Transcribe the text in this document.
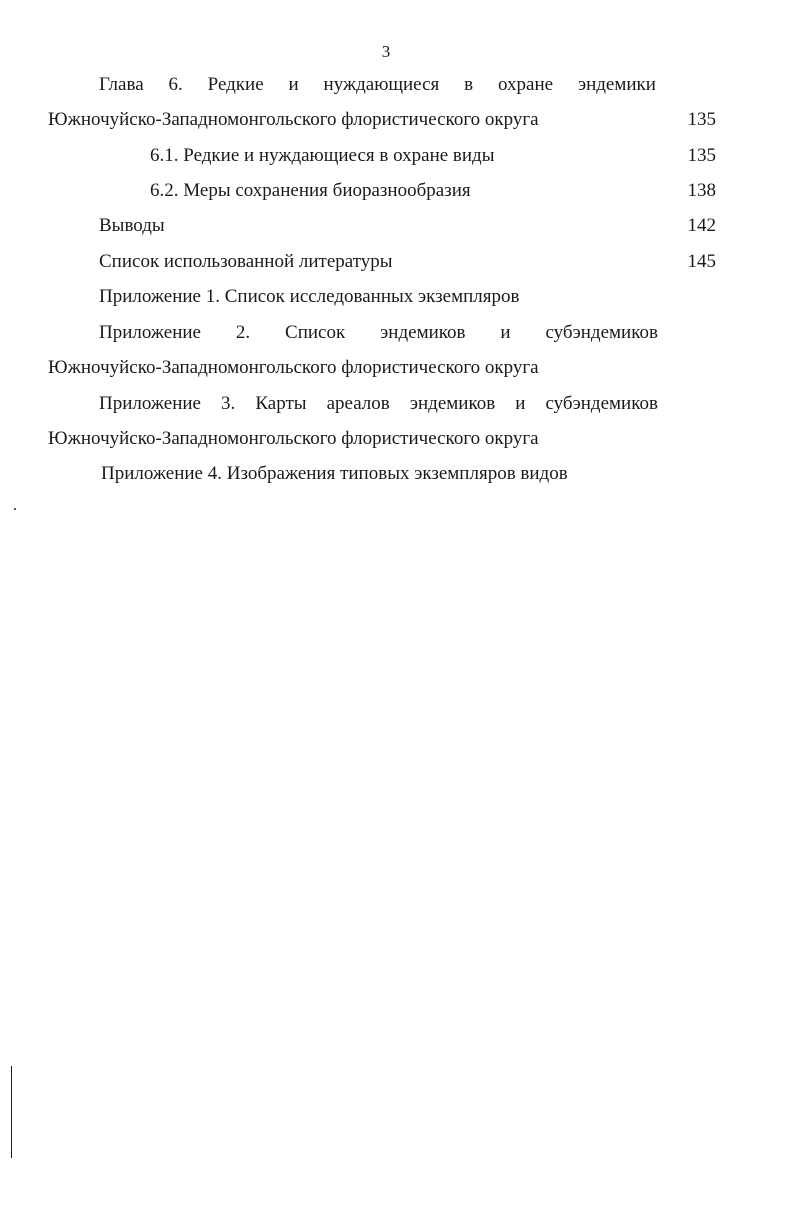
3
Глава 6. Редкие и нуждающиеся в охране эндемики
Южночуйско-Западномонгольского флористического округа	135
6.1. Редкие и нуждающиеся в охране виды	135
6.2. Меры сохранения биоразнообразия	138
Выводы	142
Список использованной литературы	145
Приложение 1. Список исследованных экземпляров
Приложение 2. Список эндемиков и субэндемиков
Южночуйско-Западномонгольского флористического округа
Приложение 3. Карты ареалов эндемиков и субэндемиков
Южночуйско-Западномонгольского флористического округа
Приложение 4. Изображения типовых экземпляров видов
